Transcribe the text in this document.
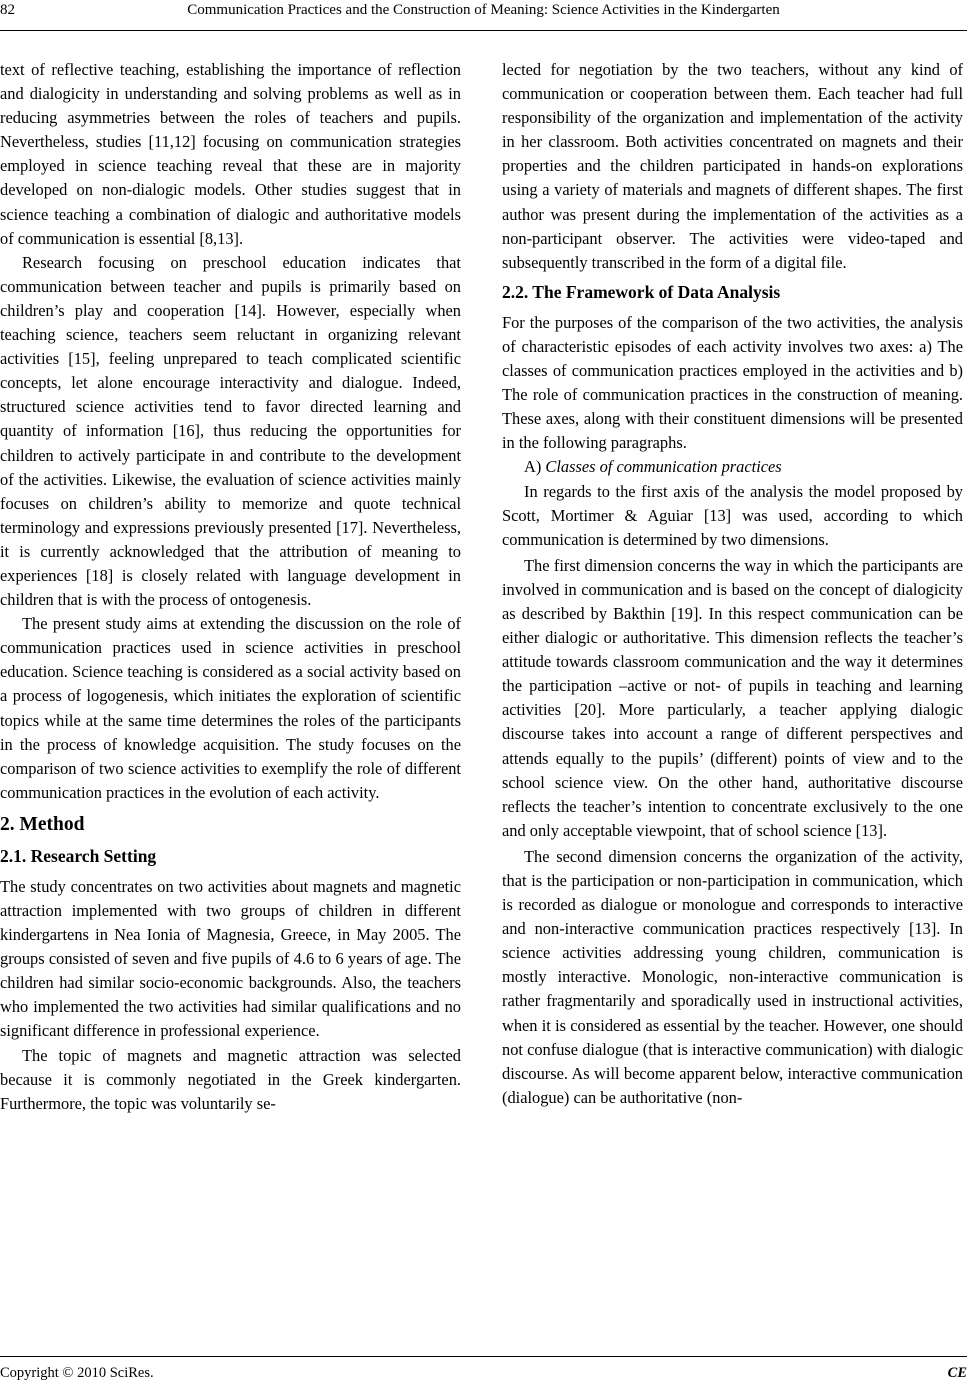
82	Communication Practices and the Construction of Meaning: Science Activities in the Kindergarten

text of reflective teaching, establishing the importance of reflection and dialogicity in understanding and solving problems as well as in reducing asymmetries between the roles of teachers and pupils. Nevertheless, studies [11,12] focusing on communication strategies employed in science teaching reveal that these are in majority developed on non-dialogic models. Other studies suggest that in science teaching a combination of dialogic and authoritative models of communication is essential [8,13].

Research focusing on preschool education indicates that communication between teacher and pupils is primarily based on children’s play and cooperation [14]. However, especially when teaching science, teachers seem reluctant in organizing relevant activities [15], feeling unprepared to teach complicated scientific concepts, let alone encourage interactivity and dialogue. Indeed, structured science activities tend to favor directed learning and quantity of information [16], thus reducing the opportunities for children to actively participate in and contribute to the development of the activities. Likewise, the evaluation of science activities mainly focuses on children’s ability to memorize and quote technical terminology and expressions previously presented [17]. Nevertheless, it is currently acknowledged that the attribution of meaning to experiences [18] is closely related with language development in children that is with the process of ontogenesis.

The present study aims at extending the discussion on the role of communication practices used in science activities in preschool education. Science teaching is considered as a social activity based on a process of logogenesis, which initiates the exploration of scientific topics while at the same time determines the roles of the participants in the process of knowledge acquisition. The study focuses on the comparison of two science activities to exemplify the role of different communication practices in the evolution of each activity.

2. Method
2.1. Research Setting

The study concentrates on two activities about magnets and magnetic attraction implemented with two groups of children in different kindergartens in Nea Ionia of Magnesia, Greece, in May 2005. The groups consisted of seven and five pupils of 4.6 to 6 years of age. The children had similar socio-economic backgrounds. Also, the teachers who implemented the two activities had similar qualifications and no significant difference in professional experience.

The topic of magnets and magnetic attraction was selected because it is commonly negotiated in the Greek kindergarten. Furthermore, the topic was voluntarily se-

lected for negotiation by the two teachers, without any kind of communication or cooperation between them. Each teacher had full responsibility of the organization and implementation of the activity in her classroom. Both activities concentrated on magnets and their properties and the children participated in hands-on explorations using a variety of materials and magnets of different shapes. The first author was present during the implementation of the activities as a non-participant observer. The activities were video-taped and subsequently transcribed in the form of a digital file.

2.2. The Framework of Data Analysis

For the purposes of the comparison of the two activities, the analysis of characteristic episodes of each activity involves two axes: a) The classes of communication practices employed in the activities and b) The role of communication practices in the construction of meaning. These axes, along with their constituent dimensions will be presented in the following paragraphs.

A) Classes of communication practices

In regards to the first axis of the analysis the model proposed by Scott, Mortimer & Aguiar [13] was used, according to which communication is determined by two dimensions.

The first dimension concerns the way in which the participants are involved in communication and is based on the concept of dialogicity as described by Bakthin [19]. In this respect communication can be either dialogic or authoritative. This dimension reflects the teacher’s attitude towards classroom communication and the way it determines the participation –active or not- of pupils in teaching and learning activities [20]. More particularly, a teacher applying dialogic discourse takes into account a range of different perspectives and attends equally to the pupils’ (different) points of view and to the school science view. On the other hand, authoritative discourse reflects the teacher’s intention to concentrate exclusively to the one and only acceptable viewpoint, that of school science [13].

The second dimension concerns the organization of the activity, that is the participation or non-participation in communication, which is recorded as dialogue or monologue and corresponds to interactive and non-interactive communication practices respectively [13]. In science activities addressing young children, communication is mostly interactive. Monologic, non-interactive communication is rather fragmentarily and sporadically used in instructional activities, when it is considered as essential by the teacher. However, one should not confuse dialogue (that is interactive communication) with dialogic discourse. As will become apparent below, interactive communication (dialogue) can be authoritative (non-

Copyright © 2010 SciRes.	CE
